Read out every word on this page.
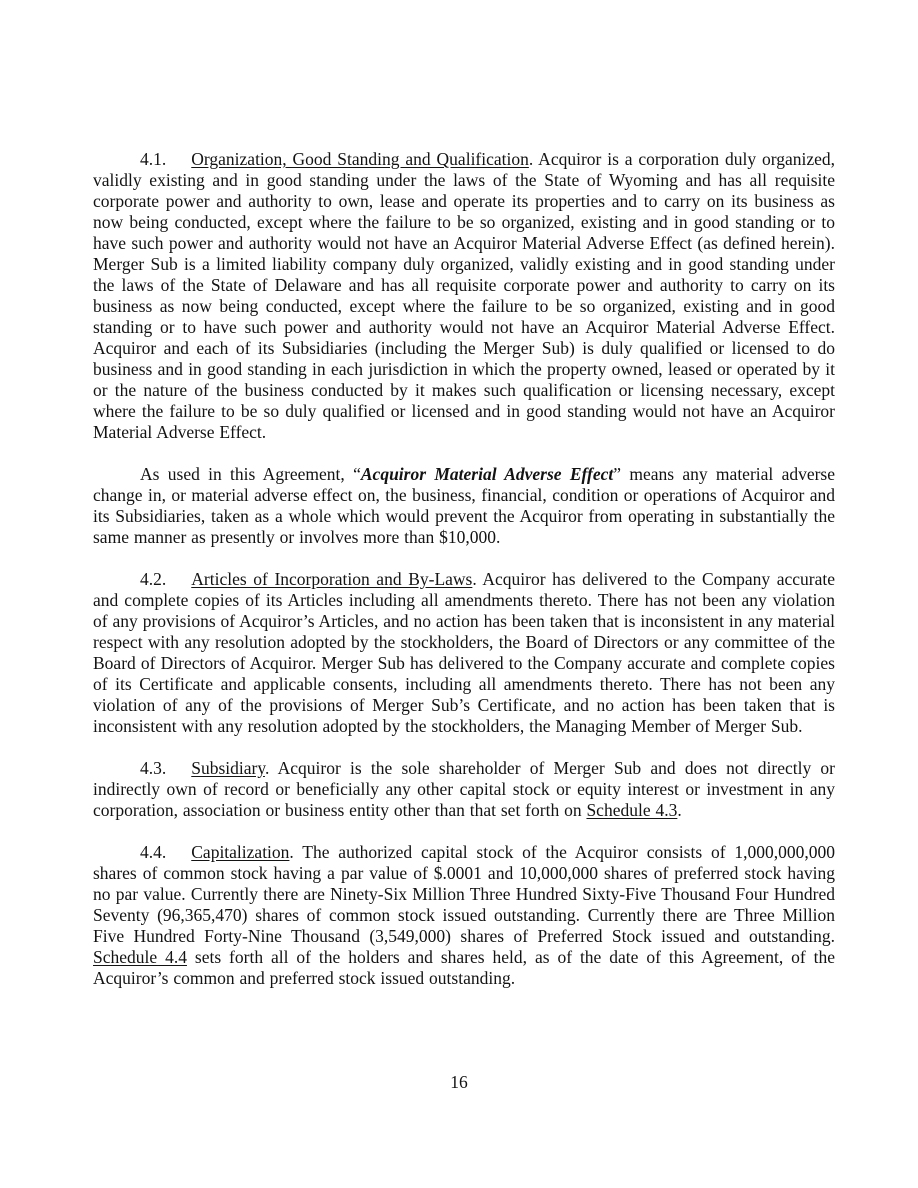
4.1. Organization, Good Standing and Qualification. Acquiror is a corporation duly organized, validly existing and in good standing under the laws of the State of Wyoming and has all requisite corporate power and authority to own, lease and operate its properties and to carry on its business as now being conducted, except where the failure to be so organized, existing and in good standing or to have such power and authority would not have an Acquiror Material Adverse Effect (as defined herein). Merger Sub is a limited liability company duly organized, validly existing and in good standing under the laws of the State of Delaware and has all requisite corporate power and authority to carry on its business as now being conducted, except where the failure to be so organized, existing and in good standing or to have such power and authority would not have an Acquiror Material Adverse Effect. Acquiror and each of its Subsidiaries (including the Merger Sub) is duly qualified or licensed to do business and in good standing in each jurisdiction in which the property owned, leased or operated by it or the nature of the business conducted by it makes such qualification or licensing necessary, except where the failure to be so duly qualified or licensed and in good standing would not have an Acquiror Material Adverse Effect.

As used in this Agreement, “Acquiror Material Adverse Effect” means any material adverse change in, or material adverse effect on, the business, financial, condition or operations of Acquiror and its Subsidiaries, taken as a whole which would prevent the Acquiror from operating in substantially the same manner as presently or involves more than $10,000.

4.2. Articles of Incorporation and By-Laws. Acquiror has delivered to the Company accurate and complete copies of its Articles including all amendments thereto. There has not been any violation of any provisions of Acquiror’s Articles, and no action has been taken that is inconsistent in any material respect with any resolution adopted by the stockholders, the Board of Directors or any committee of the Board of Directors of Acquiror. Merger Sub has delivered to the Company accurate and complete copies of its Certificate and applicable consents, including all amendments thereto. There has not been any violation of any of the provisions of Merger Sub’s Certificate, and no action has been taken that is inconsistent with any resolution adopted by the stockholders, the Managing Member of Merger Sub.

4.3. Subsidiary. Acquiror is the sole shareholder of Merger Sub and does not directly or indirectly own of record or beneficially any other capital stock or equity interest or investment in any corporation, association or business entity other than that set forth on Schedule 4.3.

4.4. Capitalization. The authorized capital stock of the Acquiror consists of 1,000,000,000 shares of common stock having a par value of $.0001 and 10,000,000 shares of preferred stock having no par value. Currently there are Ninety-Six Million Three Hundred Sixty-Five Thousand Four Hundred Seventy (96,365,470) shares of common stock issued outstanding. Currently there are Three Million Five Hundred Forty-Nine Thousand (3,549,000) shares of Preferred Stock issued and outstanding. Schedule 4.4 sets forth all of the holders and shares held, as of the date of this Agreement, of the Acquiror’s common and preferred stock issued outstanding.

16
